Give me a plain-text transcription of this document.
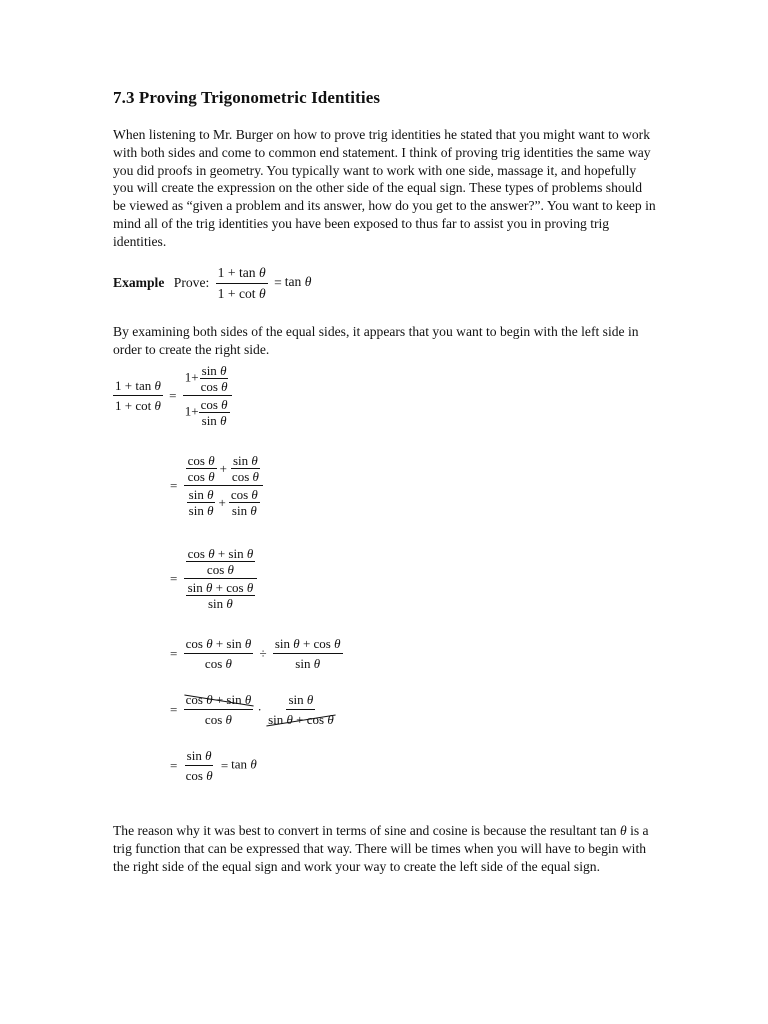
7.3 Proving Trigonometric Identities

When listening to Mr. Burger on how to prove trig identities he stated that you might want to work with both sides and come to common end statement. I think of proving trig identities the same way you did proofs in geometry. You typically want to work with one side, massage it, and hopefully you will create the expression on the other side of the equal sign. These types of problems should be viewed as “given a problem and its answer, how do you get to the answer?”. You want to keep in mind all of the trig identities you have been exposed to thus far to assist you in proving trig identities.

Example Prove: $\frac{\text{1 + tan θ}}{\text{1 + cot θ}} = \tan \theta$

By examining both sides of the equal sides, it appears that you want to begin with the left side in order to create the right side.

$\frac{\text{1 + tan θ}}{\text{1 + cot θ}} = \frac{1+ \frac{\text{sin θ}}{\text{cos θ}}}{1+ \frac{\text{cos θ}}{\text{sin θ}}}$
= $\frac{\frac{\text{cos θ}}{\text{cos θ}} + \frac{\text{sin θ}}{\text{cos θ}}}{\frac{\text{sin θ}}{\text{sin θ}} + \frac{\text{cos θ}}{\text{sin θ}}}$
= $\frac{\frac{\text{cos θ + sin θ}}{\text{cos θ}}}{\frac{\text{sin θ + cos θ}}{\text{sin θ}}}$
= $\frac{\text{cos θ + sin θ}}{\text{cos θ}} \div \frac{\text{sin θ + cos θ}}{\text{sin θ}}$
= $\frac{\text{cos θ + sin θ}}{\text{cos θ}} \cdot \frac{\text{sin θ}}{\text{sin θ + cos θ}}$
= $\frac{\text{sin θ}}{\text{cos θ}} = \tan \theta$

The reason why it was best to convert in terms of sine and cosine is because the resultant tan θ is a trig function that can be expressed that way. There will be times when you will have to begin with the right side of the equal sign and work your way to create the left side of the equal sign.
